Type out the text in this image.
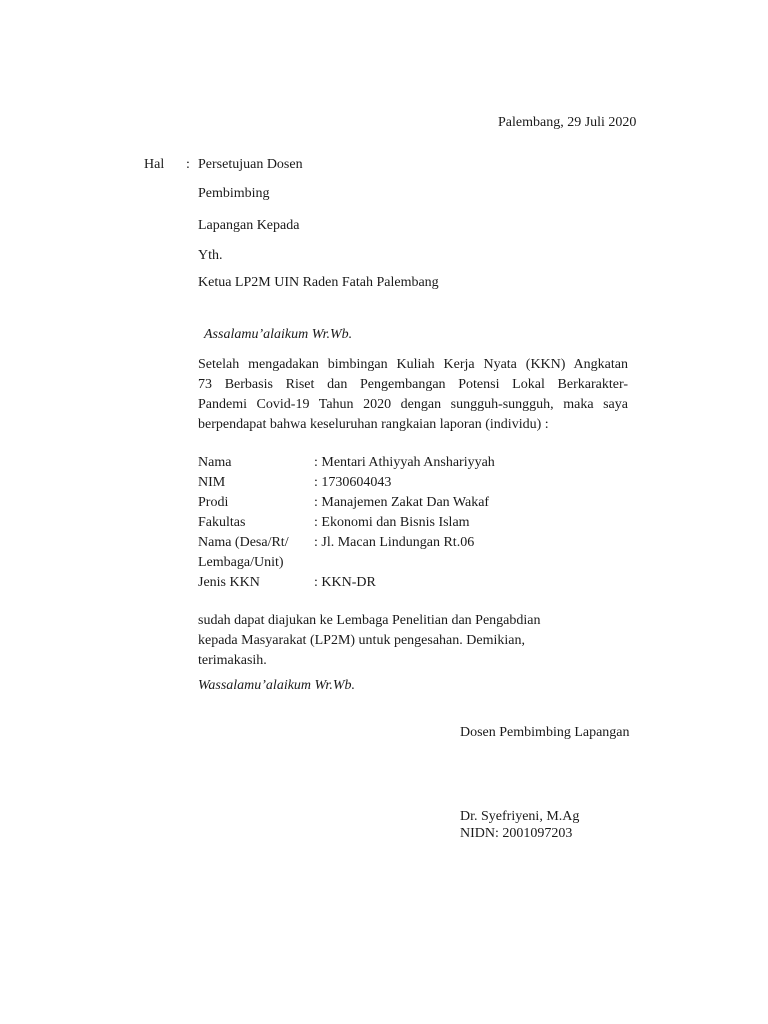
Palembang, 29 Juli 2020
Hal : Persetujuan Dosen
Pembimbing
Lapangan Kepada
Yth.
Ketua LP2M UIN Raden Fatah Palembang
Assalamu’alaikum Wr.Wb.
Setelah mengadakan bimbingan Kuliah Kerja Nyata (KKN) Angkatan
73 Berbasis Riset dan Pengembangan Potensi Lokal Berkarakter-
Pandemi Covid-19 Tahun 2020 dengan sungguh-sungguh, maka saya
berpendapat bahwa keseluruhan rangkaian laporan (individu) :
Nama	: Mentari Athiyyah Anshariyyah
NIM	: 1730604043
Prodi	: Manajemen Zakat Dan Wakaf
Fakultas	: Ekonomi dan Bisnis Islam
Nama (Desa/Rt/ : Jl. Macan Lindungan Rt.06
Lembaga/Unit)
Jenis KKN	: KKN-DR
sudah dapat diajukan ke Lembaga Penelitian dan Pengabdian
kepada Masyarakat (LP2M) untuk pengesahan. Demikian,
terimakasih.
Wassalamu’alaikum Wr.Wb.
Dosen Pembimbing Lapangan
Dr. Syefriyeni, M.Ag
NIDN: 2001097203
